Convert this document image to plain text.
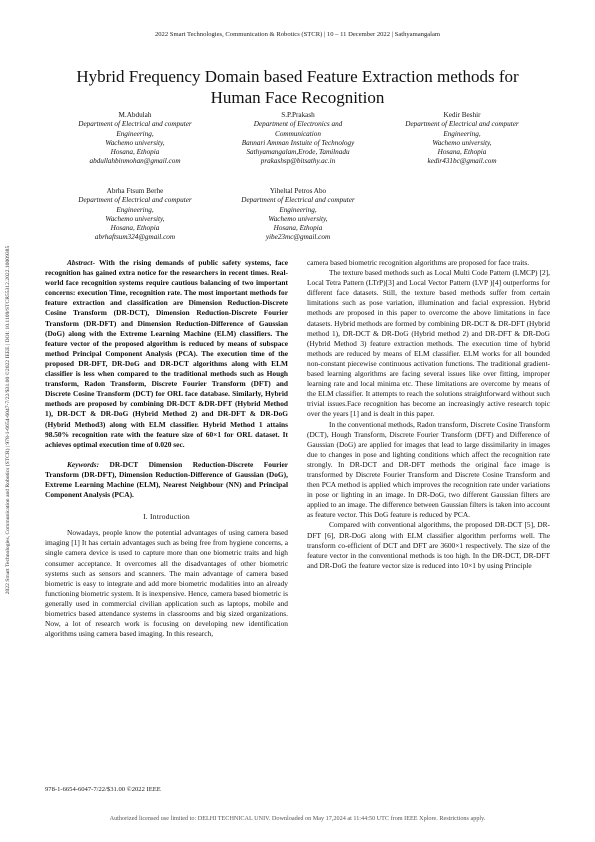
2022 Smart Technologies, Communication & Robotics (STCR) | 10 – 11 December 2022 | Sathyamangalam
2022 Smart Technologies, Communication and Robotics (STCR) | 978-1-6654-6047-7/22/$31.00 ©2022 IEEE | DOI: 10.1109/STCR55312.2022.10009385
Hybrid Frequency Domain based Feature Extraction methods for
Human Face Recognition
M.Abdulah
Department of Electrical and computer
Engineering,
Wachemo university,
Hosana, Ethopia
abdullahbinmohan@gmail.com
S.P.Prakash
Department of Electronics and
Communication
Bannari Amman Instuite of Technology
Sathyamangalam,Erode, Tamilnadu
prakashsp@bitsathy.ac.in
Kedir Beshir
Department of Electrical and computer
Engineering,
Wachemo university,
Hosana, Ethopia
kedir431bc@gmail.com
Abrha Ftsum Berhe
Department of Electrical and computer
Engineering,
Wachemo university,
Hosana, Ethopia
abrhaftsum324@gmail.com
Yiheltal Petros Abo
Department of Electrical and computer
Engineering,
Wachemo university,
Hosana, Ethopia
yibe23mc@gmail.com

Abstract- With the rising demands of public safety systems, face recognition has gained extra notice for the researchers in recent times. Real-world face recognition systems require cautious balancing of two important concerns: execution Time, recognition rate. The most important methods for feature extraction and classification are Dimension Reduction-Discrete Cosine Transform (DR-DCT), Dimension Reduction-Discrete Fourier Transform (DR-DFT) and Dimension Reduction-Difference of Gaussian (DoG) along with the Extreme Learning Machine (ELM) classifiers. The feature vector of the proposed algorithm is reduced by means of subspace method Principal Component Analysis (PCA). The execution time of the proposed DR-DFT, DR-DoG and DR-DCT algorithms along with ELM classifier is less when compared to the traditional methods such as Hough transform, Radon Transform, Discrete Fourier Transform (DFT) and Discrete Cosine Transform (DCT) for ORL face database. Similarly, Hybrid methods are proposed by combining DR-DCT &DR-DFT (Hybrid Method 1), DR-DCT & DR-DoG (Hybrid Method 2) and DR-DFT & DR-DoG (Hybrid Method3) along with ELM classifier. Hybrid Method 1 attains 98.50% recognition rate with the feature size of 60×1 for ORL dataset. It achieves optimal execution time of 0.020 sec.

Keywords: DR-DCT Dimension Reduction-Discrete Fourier Transform (DR-DFT), Dimension Reduction-Difference of Gaussian (DoG), Extreme Learning Machine (ELM), Nearest Neighbour (NN) and Principal Component Analysis (PCA).

I. Introduction

Nowadays, people know the potential advantages of using camera based imaging [1] It has certain advantages such as being free from hygiene concerns, a single camera device is used to capture more than one biometric traits and high consumer acceptance. It overcomes all the disadvantages of other biometric systems such as sensors and scanners. The main advantage of camera based biometric is easy to integrate and add more biometric modalities into an already functioning biometric system. It is inexpensive. Hence, camera based biometric is generally used in commercial civilian application such as laptops, mobile and biometrics based attendance systems in classrooms and big sized organizations. Now, a lot of research work is focusing on developing new identification algorithms using camera based imaging. In this research,

camera based biometric recognition algorithms are proposed for face traits.

The texture based methods such as Local Multi Code Pattern (LMCP) [2], Local Tetra Pattern (LTrP)[3] and Local Vector Pattern (LVP )[4] outperforms for different face datasets. Still, the texture based methods suffer from certain limitations such as pose variation, illumination and facial expression. Hybrid methods are proposed in this paper to overcome the above limitations in face datasets. Hybrid methods are formed by combining DR-DCT & DR-DFT (Hybrid method 1), DR-DCT & DR-DoG (Hybrid method 2) and DR-DFT & DR-DoG (Hybrid Method 3) feature extraction methods. The execution time of hybrid methods are reduced by means of ELM classifier. ELM works for all bounded non-constant piecewise continuous activation functions. The traditional gradient-based learning algorithms are facing several issues like over fitting, improper learning rate and local minima etc. These limitations are overcome by means of the ELM classifier. It attempts to reach the solutions straightforward without such trivial issues.Face recognition has become an increasingly active research topic over the years [1] and is dealt in this paper.

In the conventional methods, Radon transform, Discrete Cosine Transform (DCT), Hough Transform, Discrete Fourier Transform (DFT) and Difference of Gaussian (DoG) are applied for images that lead to large dissimilarity in images due to changes in pose and lighting conditions which affect the recognition rate strongly. In DR-DCT and DR-DFT methods the original face image is transformed by Discrete Fourier Transform and Discrete Cosine Transform and then PCA method is applied which improves the recognition rate under variations in pose or lighting in an image. In DR-DoG, two different Gaussian filters are applied to an image. The difference between Gaussian filters is taken into account as feature vector. This DoG feature is reduced by PCA.

Compared with conventional algorithms, the proposed DR-DCT [5], DR-DFT [6], DR-DoG along with ELM classifier algorithm performs well. The transform co-efficient of DCT and DFT are 3600×1 respectively. The size of the feature vector in the conventional methods is too high. In the DR-DCT, DR-DFT and DR-DoG the feature vector size is reduced into 10×1 by using Principle

978-1-6654-6047-7/22/$31.00 ©2022 IEEE
Authorized licensed use limited to: DELHI TECHNICAL UNIV. Downloaded on May 17,2024 at 11:44:50 UTC from IEEE Xplore. Restrictions apply.
